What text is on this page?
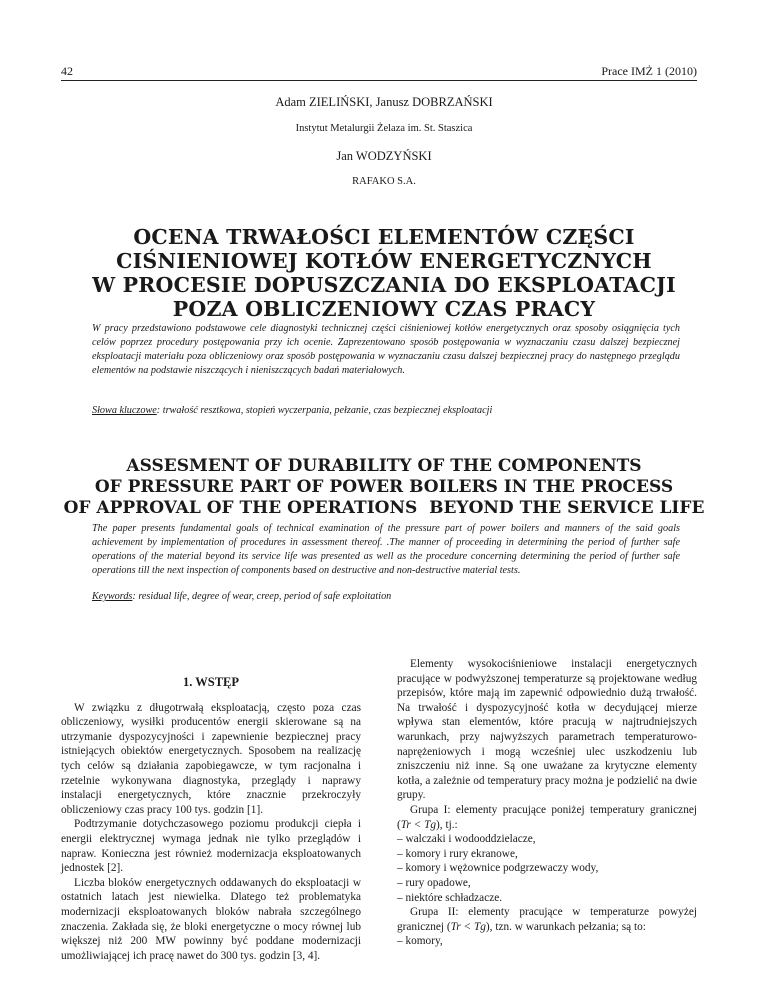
42	Prace IMŻ 1 (2010)
Adam ZIELIŃSKI, Janusz DOBRZAŃSKI
Instytut Metalurgii Żelaza im. St. Staszica
Jan WODZYŃSKI
RAFAKO S.A.
OCENA TRWAŁOŚCI ELEMENTÓW CZĘŚCI
CIŚNIENIOWEJ KOTŁÓW ENERGETYCZNYCH
W PROCESIE DOPUSZCZANIA DO EKSPLOATACJI
POZA OBLICZENIOWY CZAS PRACY
W pracy przedstawiono podstawowe cele diagnostyki technicznej części ciśnieniowej kotłów energetycznych oraz sposoby osiągnięcia tych celów poprzez procedury postępowania przy ich ocenie. Zaprezentowano sposób postępowania w wyznaczaniu czasu dalszej bezpiecznej eksploatacji materiału poza obliczeniowy oraz sposób postępowania w wyznaczaniu czasu dalszej bezpiecznej pracy do następnego przeglądu elementów na podstawie niszczących i nieniszczących badań materiałowych.
Słowa kluczowe: trwałość resztkowa, stopień wyczerpania, pełzanie, czas bezpiecznej eksploatacji
ASSESMENT OF DURABILITY OF THE COMPONENTS
OF PRESSURE PART OF POWER BOILERS IN THE PROCESS
OF APPROVAL OF THE OPERATIONS  BEYOND THE SERVICE LIFE
The paper presents fundamental goals of technical examination of the pressure part of power boilers and manners of the said goals achievement by implementation of procedures in assessment thereof. .The manner of proceeding in determining the period of further safe operations of the material beyond its service life was presented as well as the procedure concerning determining the period of further safe operations till the next inspection of components based on destructive and non-destructive material tests.
Keywords: residual life, degree of wear, creep, period of safe exploitation
1. WSTĘP

W związku z długotrwałą eksploatacją, często poza czas obliczeniowy, wysiłki producentów energii skierowane są na utrzymanie dyspozycyjności i zapewnienie bezpiecznej pracy istniejących obiektów energetycznych. Sposobem na realizację tych celów są działania zapobiegawcze, w tym racjonalna i rzetelnie wykonywana diagnostyka, przeglądy i naprawy instalacji energetycznych, które znacznie przekroczyły obliczeniowy czas pracy 100 tys. godzin [1].

Podtrzymanie dotychczasowego poziomu produkcji ciepła i energii elektrycznej wymaga jednak nie tylko przeglądów i napraw. Konieczna jest również modernizacja eksploatowanych jednostek [2].

Liczba bloków energetycznych oddawanych do eksploatacji w ostatnich latach jest niewielka. Dlatego też problematyka modernizacji eksploatowanych bloków nabrała szczególnego znaczenia. Zakłada się, że bloki energetyczne o mocy równej lub większej niż 200 MW powinny być poddane modernizacji umożliwiającej ich pracę nawet do 300 tys. godzin [3, 4].

Elementy wysokociśnieniowe instalacji energetycznych pracujące w podwyższonej temperaturze są projektowane według przepisów, które mają im zapewnić odpowiednio dużą trwałość. Na trwałość i dyspozycyjność kotła w decydującej mierze wpływa stan elementów, które pracują w najtrudniejszych warunkach, przy najwyższych parametrach temperaturowo-naprężeniowych i mogą wcześniej ulec uszkodzeniu lub zniszczeniu niż inne. Są one uważane za krytyczne elementy kotła, a zależnie od temperatury pracy można je podzielić na dwie grupy.

Grupa I: elementy pracujące poniżej temperatury granicznej (Tr < Tg), tj.:

– walczaki i wodooddzielacze,

– komory i rury ekranowe,

– komory i wężownice podgrzewaczy wody,

– rury opadowe,

– niektóre schładzacze.

Grupa II: elementy pracujące w temperaturze powyżej granicznej (Tr < Tg), tzn. w warunkach pełzania; są to:

– komory,
